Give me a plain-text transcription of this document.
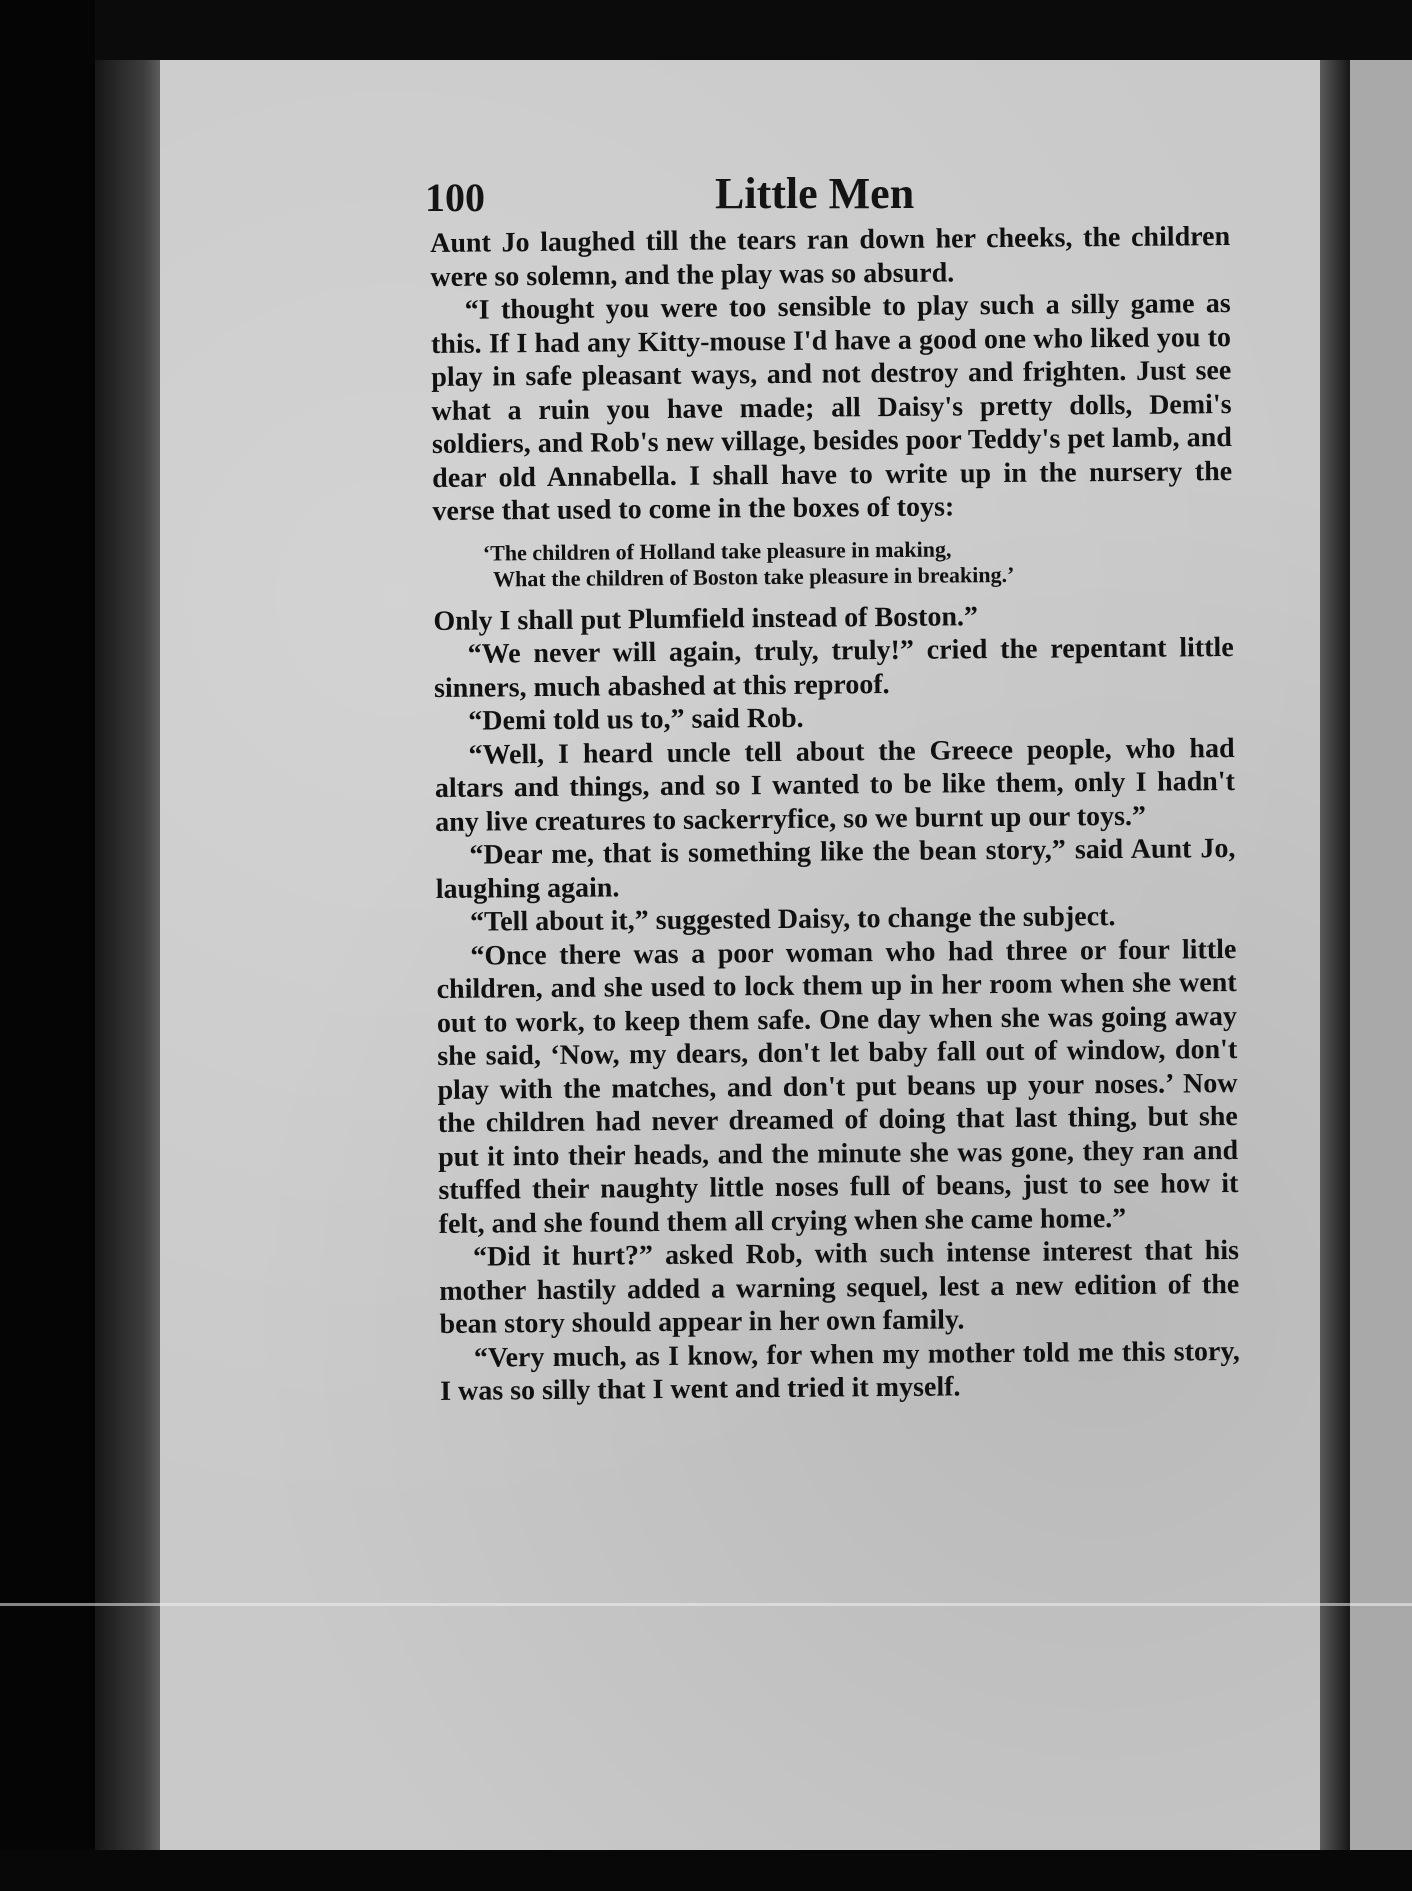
100	Little Men

Aunt Jo laughed till the tears ran down her cheeks, the children were so solemn, and the play was so absurd.

“I thought you were too sensible to play such a silly game as this. If I had any Kitty-mouse I'd have a good one who liked you to play in safe pleasant ways, and not destroy and frighten. Just see what a ruin you have made; all Daisy's pretty dolls, Demi's soldiers, and Rob's new village, besides poor Teddy's pet lamb, and dear old Annabella. I shall have to write up in the nursery the verse that used to come in the boxes of toys:

‘The children of Holland take pleasure in making,
What the children of Boston take pleasure in breaking.’

Only I shall put Plumfield instead of Boston.”

“We never will again, truly, truly!” cried the repentant little sinners, much abashed at this reproof.

“Demi told us to,” said Rob.

“Well, I heard uncle tell about the Greece people, who had altars and things, and so I wanted to be like them, only I hadn't any live creatures to sackerryfice, so we burnt up our toys.”

“Dear me, that is something like the bean story,” said Aunt Jo, laughing again.

“Tell about it,” suggested Daisy, to change the subject.

“Once there was a poor woman who had three or four little children, and she used to lock them up in her room when she went out to work, to keep them safe. One day when she was going away she said, ‘Now, my dears, don't let baby fall out of window, don't play with the matches, and don't put beans up your noses.’ Now the children had never dreamed of doing that last thing, but she put it into their heads, and the minute she was gone, they ran and stuffed their naughty little noses full of beans, just to see how it felt, and she found them all crying when she came home.”

“Did it hurt?” asked Rob, with such intense interest that his mother hastily added a warning sequel, lest a new edition of the bean story should appear in her own family.

“Very much, as I know, for when my mother told me this story, I was so silly that I went and tried it myself.
